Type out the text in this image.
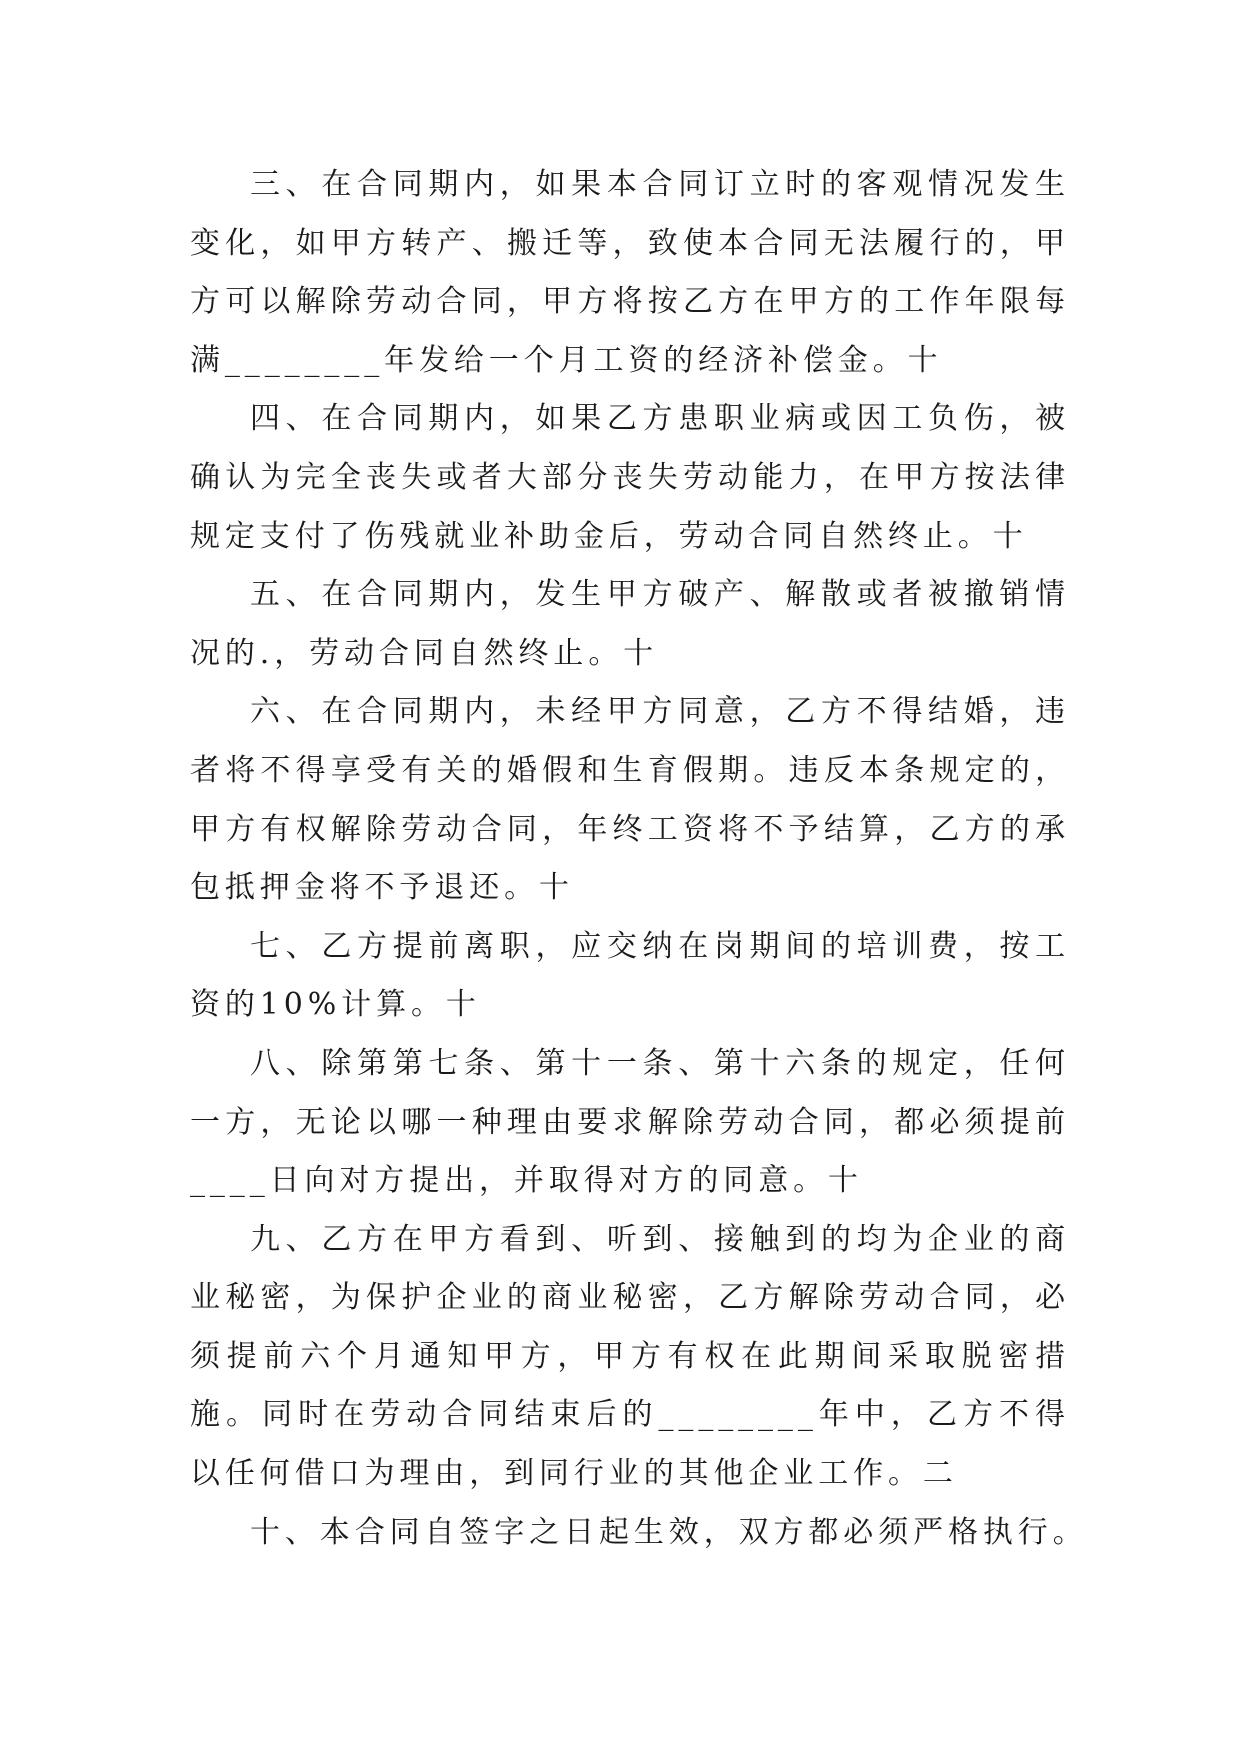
三、在合同期内，如果本合同订立时的客观情况发生变化，如甲方转产、搬迁等，致使本合同无法履行的，甲方可以解除劳动合同，甲方将按乙方在甲方的工作年限每满________年发给一个月工资的经济补偿金。十

四、在合同期内，如果乙方患职业病或因工负伤，被确认为完全丧失或者大部分丧失劳动能力，在甲方按法律规定支付了伤残就业补助金后，劳动合同自然终止。十

五、在合同期内，发生甲方破产、解散或者被撤销情况的.，劳动合同自然终止。十

六、在合同期内，未经甲方同意，乙方不得结婚，违者将不得享受有关的婚假和生育假期。违反本条规定的，甲方有权解除劳动合同，年终工资将不予结算，乙方的承包抵押金将不予退还。十

七、乙方提前离职，应交纳在岗期间的培训费，按工资的10%计算。十

八、除第第七条、第十一条、第十六条的规定，任何一方，无论以哪一种理由要求解除劳动合同，都必须提前____日向对方提出，并取得对方的同意。十

九、乙方在甲方看到、听到、接触到的均为企业的商业秘密，为保护企业的商业秘密，乙方解除劳动合同，必须提前六个月通知甲方，甲方有权在此期间采取脱密措施。同时在劳动合同结束后的________年中，乙方不得以任何借口为理由，到同行业的其他企业工作。二

十、本合同自签字之日起生效，双方都必须严格执行。
